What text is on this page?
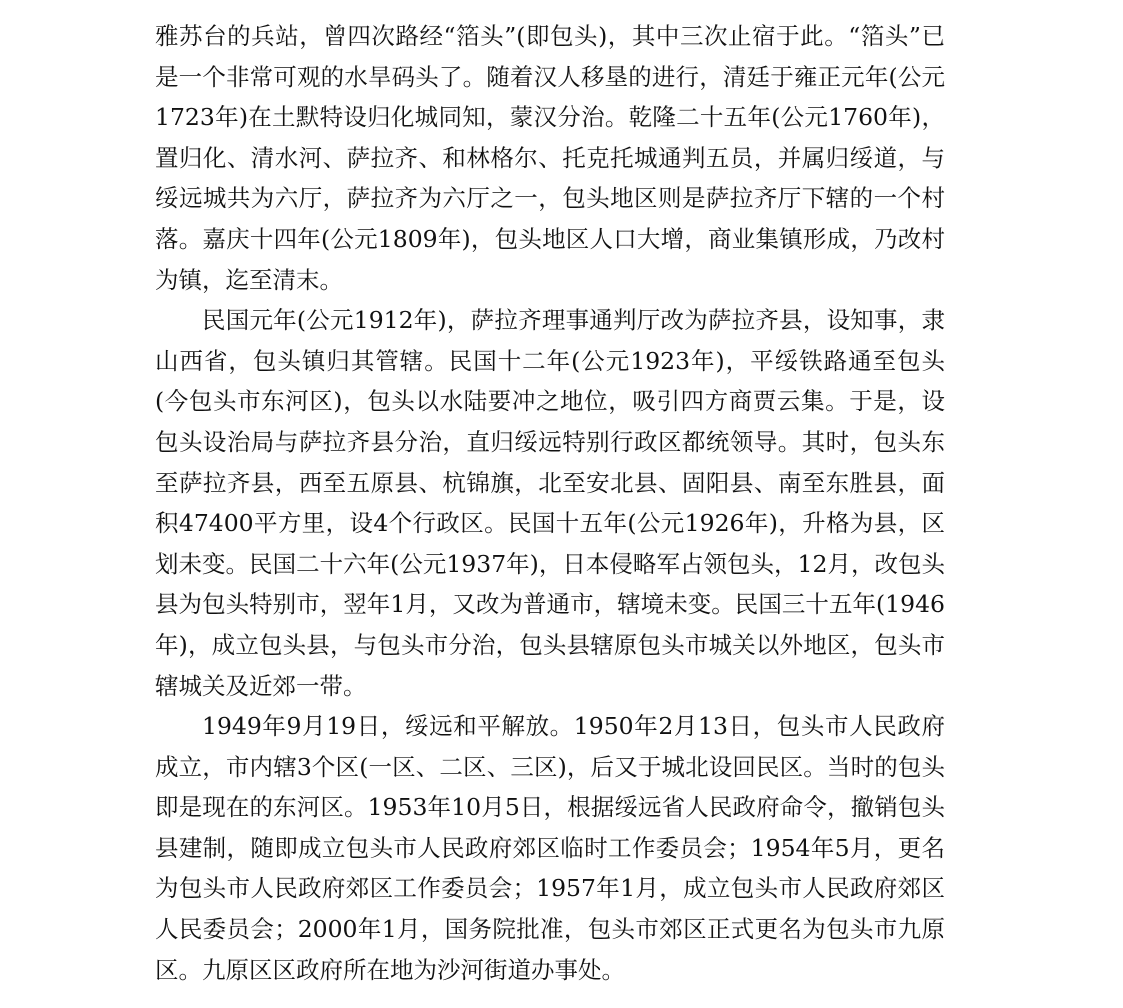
雅苏台的兵站，曾四次路经“箔头”(即包头)，其中三次止宿于此。“箔头”已是一个非常可观的水旱码头了。随着汉人移垦的进行，清廷于雍正元年(公元1723年)在土默特设归化城同知，蒙汉分治。乾隆二十五年(公元1760年)，置归化、清水河、萨拉齐、和林格尔、托克托城通判五员，并属归绥道，与绥远城共为六厅，萨拉齐为六厅之一，包头地区则是萨拉齐厅下辖的一个村落。嘉庆十四年(公元1809年)，包头地区人口大增，商业集镇形成，乃改村为镇，迄至清末。

民国元年(公元1912年)，萨拉齐理事通判厅改为萨拉齐县，设知事，隶山西省，包头镇归其管辖。民国十二年(公元1923年)，平绥铁路通至包头(今包头市东河区)，包头以水陆要冲之地位，吸引四方商贾云集。于是，设包头设治局与萨拉齐县分治，直归绥远特别行政区都统领导。其时，包头东至萨拉齐县，西至五原县、杭锦旗，北至安北县、固阳县、南至东胜县，面积47400平方里，设4个行政区。民国十五年(公元1926年)，升格为县，区划未变。民国二十六年(公元1937年)，日本侵略军占领包头，12月，改包头县为包头特别市，翌年1月，又改为普通市，辖境未变。民国三十五年(1946年)，成立包头县，与包头市分治，包头县辖原包头市城关以外地区，包头市辖城关及近郊一带。

1949年9月19日，绥远和平解放。1950年2月13日，包头市人民政府成立，市内辖3个区(一区、二区、三区)，后又于城北设回民区。当时的包头即是现在的东河区。1953年10月5日，根据绥远省人民政府命令，撤销包头县建制，随即成立包头市人民政府郊区临时工作委员会；1954年5月，更名为包头市人民政府郊区工作委员会；1957年1月，成立包头市人民政府郊区人民委员会；2000年1月，国务院批准，包头市郊区正式更名为包头市九原区。九原区区政府所在地为沙河街道办事处。
